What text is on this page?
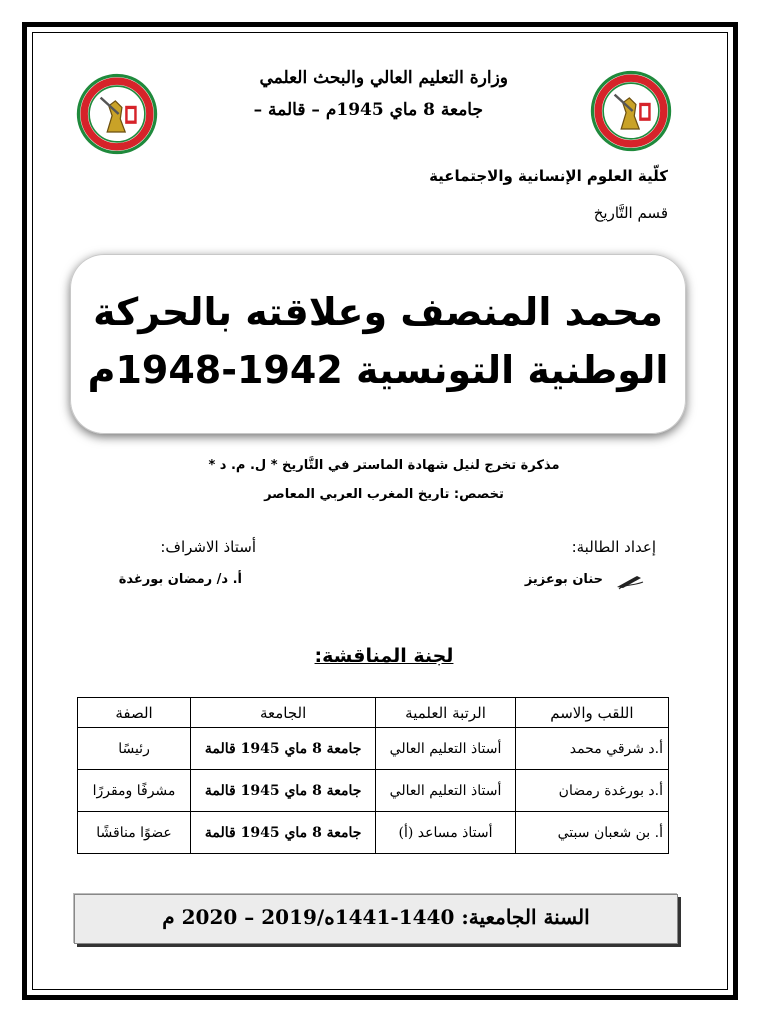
وزارة التعليم العالي والبحث العلمي
جامعة 8 ماي 1945م – قالمة –
كلّية العلوم الإنسانية والاجتماعية
قسم التَّاريخ
محمد المنصف وعلاقته بالحركة
الوطنية التونسية 1942-1948م
مذكرة تخرج لنيل شهادة الماستر في التَّاريخ * ل. م. د *
تخصص: تاريخ المغرب العربي المعاصر
إعداد الطالبة:
حنان بوعزيز
أستاذ الاشراف:
أ. د/ رمضان بورغدة
لجنة المناقشة:
اللقب والاسم	الرتبة العلمية	الجامعة	الصفة
أ.د شرقي محمد	أستاذ التعليم العالي	جامعة 8 ماي 1945 قالمة	رئيسًا
أ.د بورغدة رمضان	أستاذ التعليم العالي	جامعة 8 ماي 1945 قالمة	مشرفًا ومقررًا
أ. بن شعبان سبتي	أستاذ مساعد (أ)	جامعة 8 ماي 1945 قالمة	عضوًا مناقشًا
السنة الجامعية: 1440-1441ه/2019 – 2020 م
